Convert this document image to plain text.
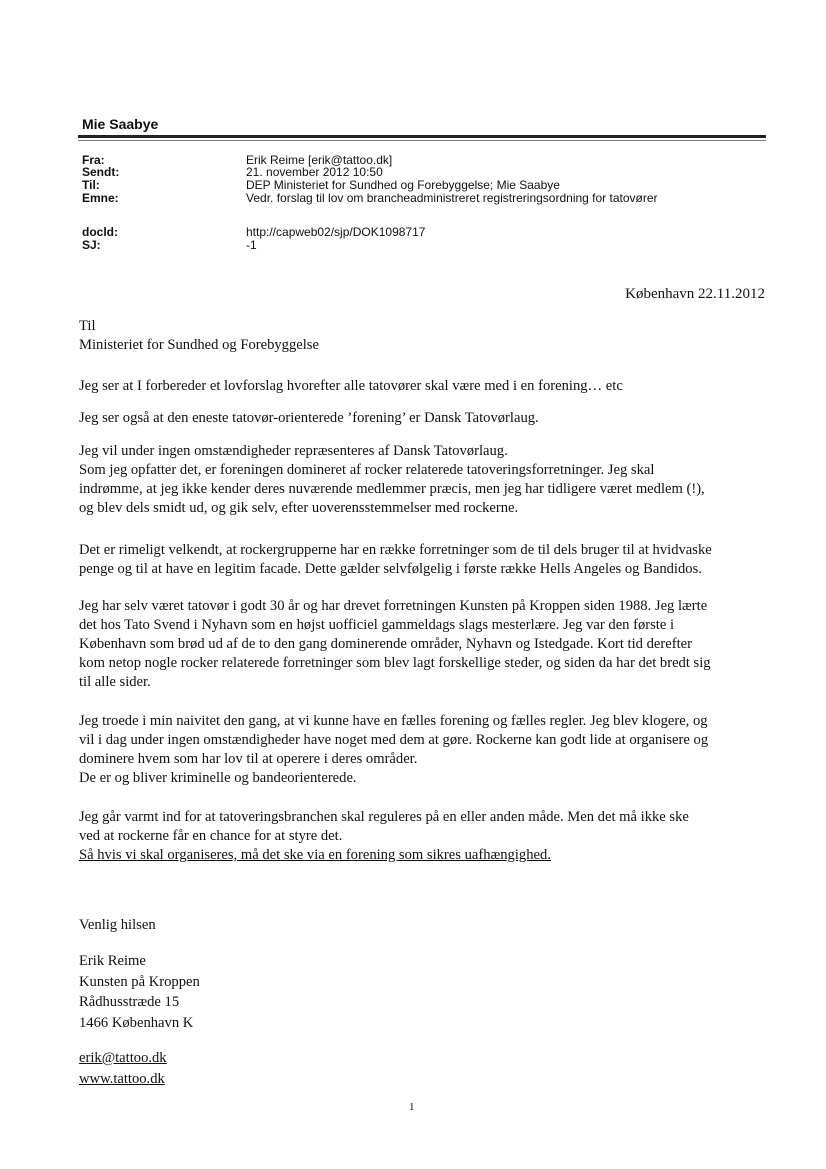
Mie Saabye
Fra:	Erik Reime [erik@tattoo.dk]
Sendt:	21. november 2012 10:50
Til:	DEP Ministeriet for Sundhed og Forebyggelse; Mie Saabye
Emne:	Vedr. forslag til lov om brancheadministreret registreringsordning for tatovører
docld:	http://capweb02/sjp/DOK1098717
SJ:	-1
København 22.11.2012

Til

Ministeriet for Sundhed og Forebyggelse

Jeg ser at I forbereder et lovforslag hvorefter alle tatovører skal være med i en forening… etc

Jeg ser også at den eneste tatovør-orienterede ’forening’ er Dansk Tatovørlaug.

Jeg vil under ingen omstændigheder repræsenteres af Dansk Tatovørlaug.

Som jeg opfatter det, er foreningen domineret af rocker relaterede tatoveringsforretninger. Jeg skal

indrømme, at jeg ikke kender deres nuværende medlemmer præcis, men jeg har tidligere været medlem (!),

og blev dels smidt ud, og gik selv, efter uoverensstemmelser med rockerne.

Det er rimeligt velkendt, at rockergrupperne har en række forretninger som de til dels bruger til at hvidvaske

penge og til at have en legitim facade. Dette gælder selvfølgelig i første række Hells Angeles og Bandidos.

Jeg har selv været tatovør i godt 30 år og har drevet forretningen Kunsten på Kroppen siden 1988. Jeg lærte

det hos Tato Svend i Nyhavn som en højst uofficiel gammeldags slags mesterlære. Jeg var den første i

København som brød ud af de to den gang dominerende områder, Nyhavn og Istedgade. Kort tid derefter

kom netop nogle rocker relaterede forretninger som blev lagt forskellige steder, og siden da har det bredt sig

til alle sider.

Jeg troede i min naivitet den gang, at vi kunne have en fælles forening og fælles regler. Jeg blev klogere, og

vil i dag under ingen omstændigheder have noget med dem at gøre. Rockerne kan godt lide at organisere og

dominere hvem som har lov til at operere i deres områder.

De er og bliver kriminelle og bandeorienterede.

Jeg går varmt ind for at tatoveringsbranchen skal reguleres på en eller anden måde. Men det må ikke ske

ved at rockerne får en chance for at styre det.

Så hvis vi skal organiseres, må det ske via en forening som sikres uafhængighed.

Venlig hilsen

Erik Reime

Kunsten på Kroppen

Rådhusstræde 15

1466 København K

erik@tattoo.dk

www.tattoo.dk

1
